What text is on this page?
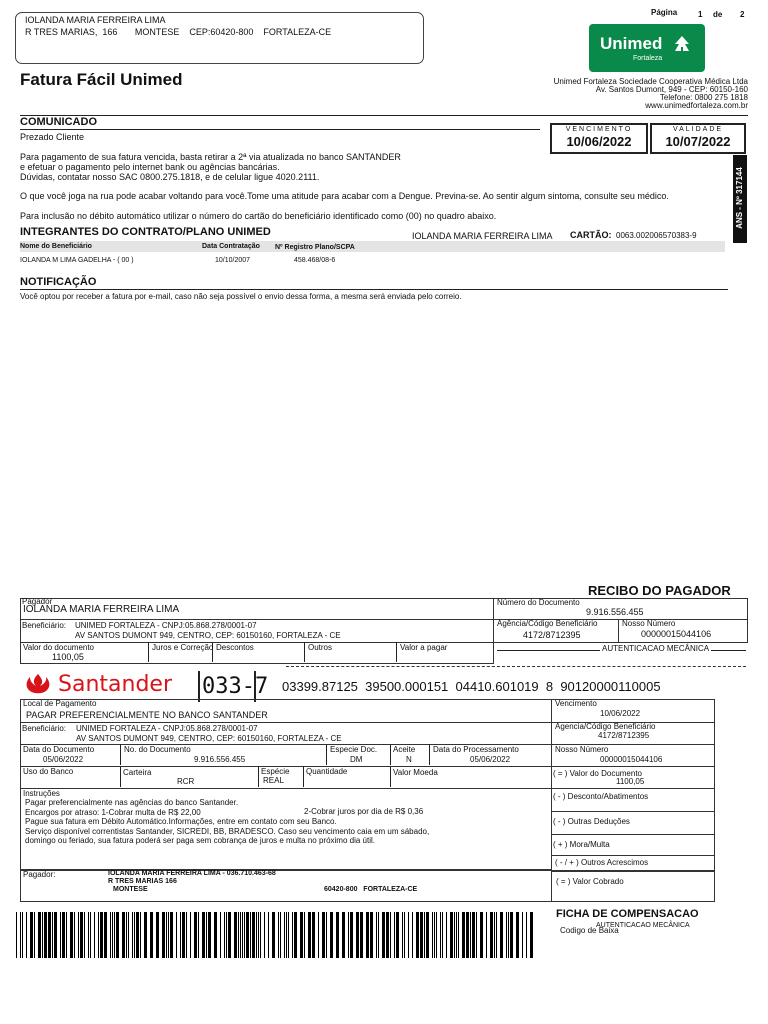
IOLANDA MARIA FERREIRA LIMA
R TRES MARIAS,  166       MONTESE    CEP:60420-800    FORTALEZA-CE
Página	1 de 2
Fatura Fácil Unimed
Unimed
Fortaleza
Unimed Fortaleza Sociedade Cooperativa Médica Ltda
Av. Santos Dumont, 949 - CEP: 60150-160
Telefone: 0800 275 1818
www.unimedfortaleza.com.br
COMUNICADO
Prezado Cliente
VENCIMENTO
10/06/2022
VALIDADE
10/07/2022
ANS - Nº 317144
Para pagamento de sua fatura vencida, basta retirar a 2ª via atualizada no banco SANTANDER
e efetuar o pagamento pelo internet bank ou agências bancárias.
Dúvidas, contatar nosso SAC 0800.275.1818, e de celular ligue 4020.2111.
O que você joga na rua pode acabar voltando para você.Tome uma atitude para acabar com a Dengue. Previna-se. Ao sentir algum sintoma, consulte seu médico.
Para inclusão no débito automático utilizar o número do cartão do beneficiário identificado como (00) no quadro abaixo.
INTEGRANTES DO CONTRATO/PLANO UNIMED	IOLANDA MARIA FERREIRA LIMA CARTÃO: 0063.002006570383-9
Nome do Beneficiário	Data Contratação Nº Registro Plano/SCPA
IOLANDA M LIMA GADELHA - ( 00 )	10/10/2007	458.468/08-6
NOTIFICAÇÃO
Você optou por receber a fatura por e-mail, caso não seja possível o envio dessa forma, a mesma será enviada pelo correio.
RECIBO DO PAGADOR
Pagador
IOLANDA MARIA FERREIRA LIMA
Número do Documento
9.916.556.455
Beneficiário: UNIMED FORTALEZA - CNPJ:05.868.278/0001-07
AV SANTOS DUMONT 949, CENTRO, CEP: 60150160, FORTALEZA - CE
Agência/Código Beneficiário
4172/8712395
Nosso Número
00000015044106
Valor do documento
1100,05
Juros e Correção Descontos	Outros	Valor a pagar	AUTENTICACAO MECÂNICA
Santander 033-7 03399.87125  39500.000151  04410.601019  8  90120000110005
Local de Pagamento
PAGAR PREFERENCIALMENTE NO BANCO SANTANDER
Vencimento
10/06/2022
Beneficiário: UNIMED FORTALEZA - CNPJ:05.868.278/0001-07
AV SANTOS DUMONT 949, CENTRO, CEP: 60150160, FORTALEZA - CE
Agencia/Código Beneficiário
4172/8712395
Data do Documento
05/06/2022
No. do Documento
9.916.556.455
Especie Doc.
DM
Aceite
N
Data do Processamento
05/06/2022
Nosso Número
00000015044106
Uso do Banco	Carteira
RCR
Espécie
REAL
Quantidade	Valor Moeda	( = ) Valor do Documento
1100,05
Instruções
Pagar preferencialmente nas agências do banco Santander.
Encargos por atraso: 1-Cobrar multa de R$ 22,00
Pague sua fatura em Débito Automático.Informações, entre em contato com seu Banco.
Serviço disponível correntistas Santander, SICREDI, BB, BRADESCO. Caso seu vencimento caia em um sábado,
domingo ou feriado, sua fatura poderá ser paga sem cobrança de juros e multa no próximo dia útil.
2-Cobrar juros por dia de R$ 0,36
( - ) Desconto/Abatimentos
( - ) Outras Deduções
( + ) Mora/Multa
( - / + ) Outros Acrescimos
Pagador:	IOLANDA MARIA FERREIRA LIMA - 036.710.463-68
R TRES MARIAS 166
MONTESE	60420-800   FORTALEZA-CE
( = ) Valor Cobrado
FICHA DE COMPENSACAO
Codigo de Baixa
AUTENTICACAO MECÂNICA
